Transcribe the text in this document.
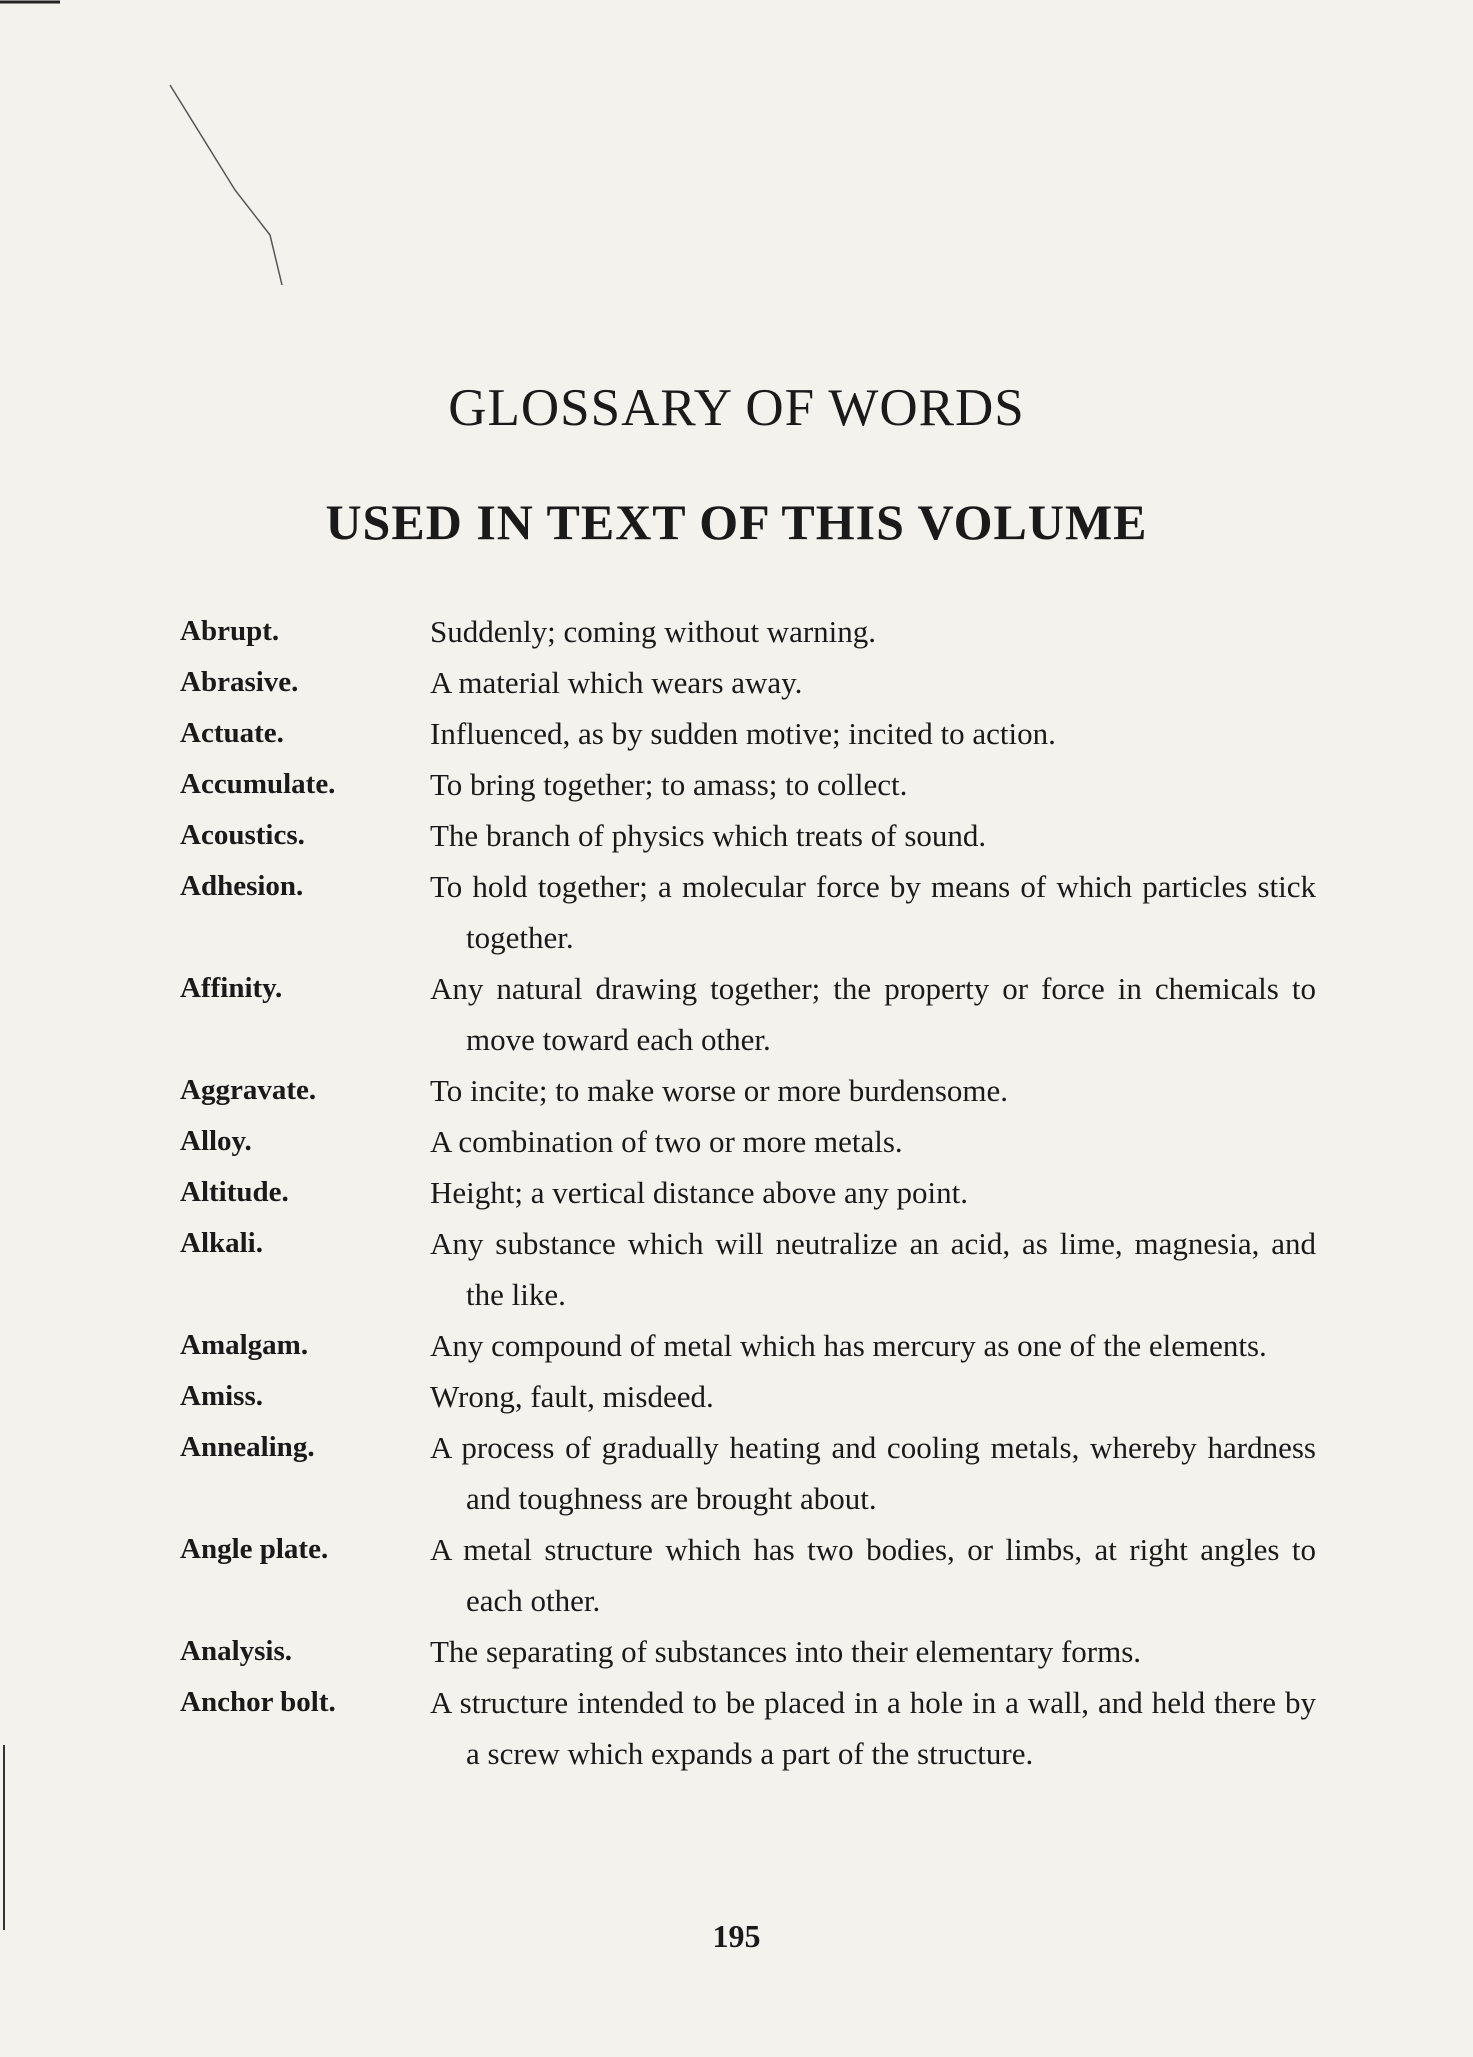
GLOSSARY OF WORDS
USED IN TEXT OF THIS VOLUME
Abrupt.	Suddenly; coming without warning.
Abrasive.	A material which wears away.
Actuate.	Influenced, as by sudden motive; incited to action.
Accumulate.	To bring together; to amass; to collect.
Acoustics.	The branch of physics which treats of sound.
Adhesion.	To hold together; a molecular force by means of which particles stick together.
Affinity.	Any natural drawing together; the property or force in chemicals to move toward each other.
Aggravate.	To incite; to make worse or more burdensome.
Alloy.	A combination of two or more metals.
Altitude.	Height; a vertical distance above any point.
Alkali.	Any substance which will neutralize an acid, as lime, magnesia, and the like.
Amalgam.	Any compound of metal which has mercury as one of the elements.
Amiss.	Wrong, fault, misdeed.
Annealing.	A process of gradually heating and cooling metals, whereby hardness and toughness are brought about.
Angle plate.	A metal structure which has two bodies, or limbs, at right angles to each other.
Analysis.	The separating of substances into their elementary forms.
Anchor bolt.	A structure intended to be placed in a hole in a wall, and held there by a screw which expands a part of the structure.
195
